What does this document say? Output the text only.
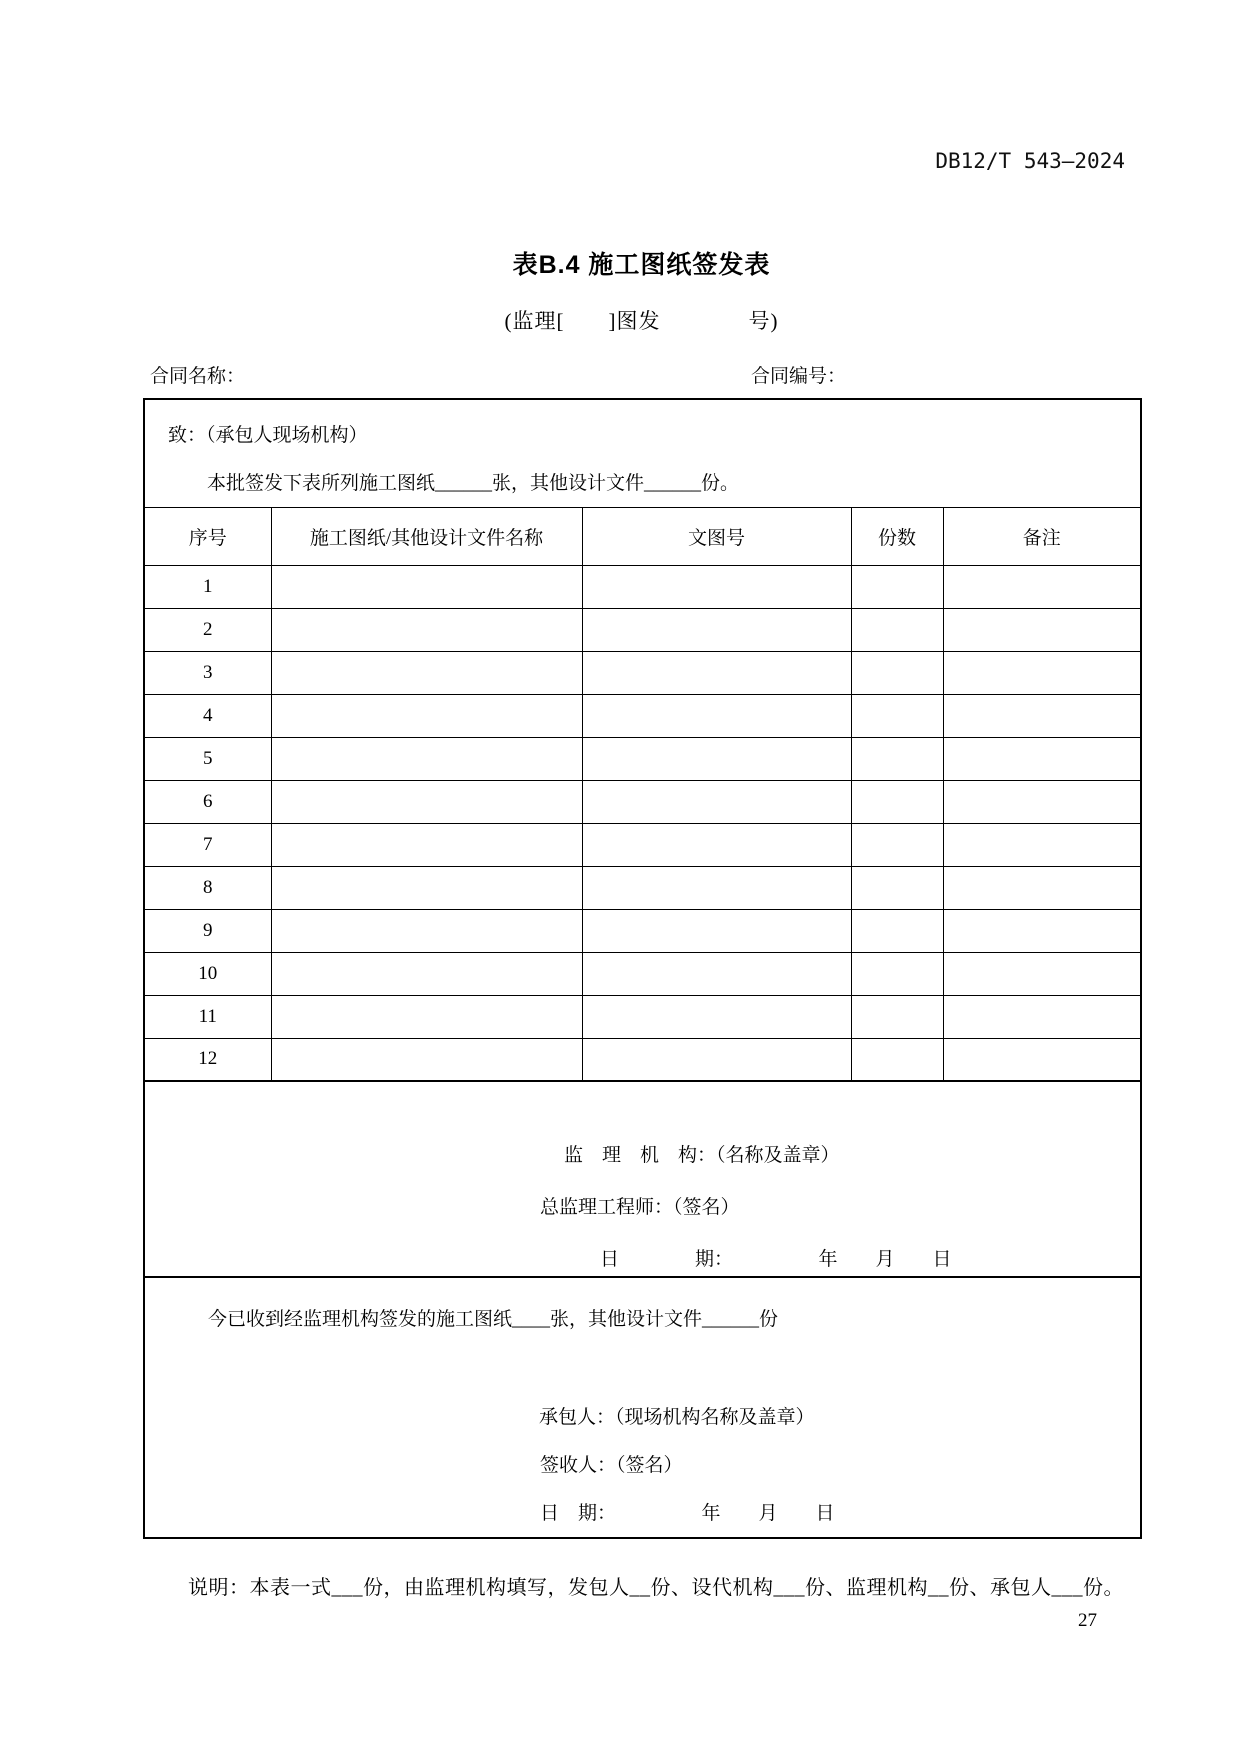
DB12/T 543—2024
表B.4 施工图纸签发表
(监理[　　]图发　　　　号)
合同名称：	合同编号：
致：（承包人现场机构）
本批签发下表所列施工图纸______张，其他设计文件______份。				

序号	施工图纸/其他设计文件名称	文图号	份数	备注
1				
2				
3				
4				
5				
6				
7				
8				
9				
10				
11				
12				

监　理　机　构：（名称及盖章）
总监理工程师：（签名）
日　　　　期：　　　　　年　　月　　日				

今已收到经监理机构签发的施工图纸____张，其他设计文件______份
承包人：（现场机构名称及盖章）
签收人：（签名）
日　期：　　　　　年　　月　　日				
说明：本表一式___份，由监理机构填写，发包人__份、设代机构___份、监理机构__份、承包人___份。
27
